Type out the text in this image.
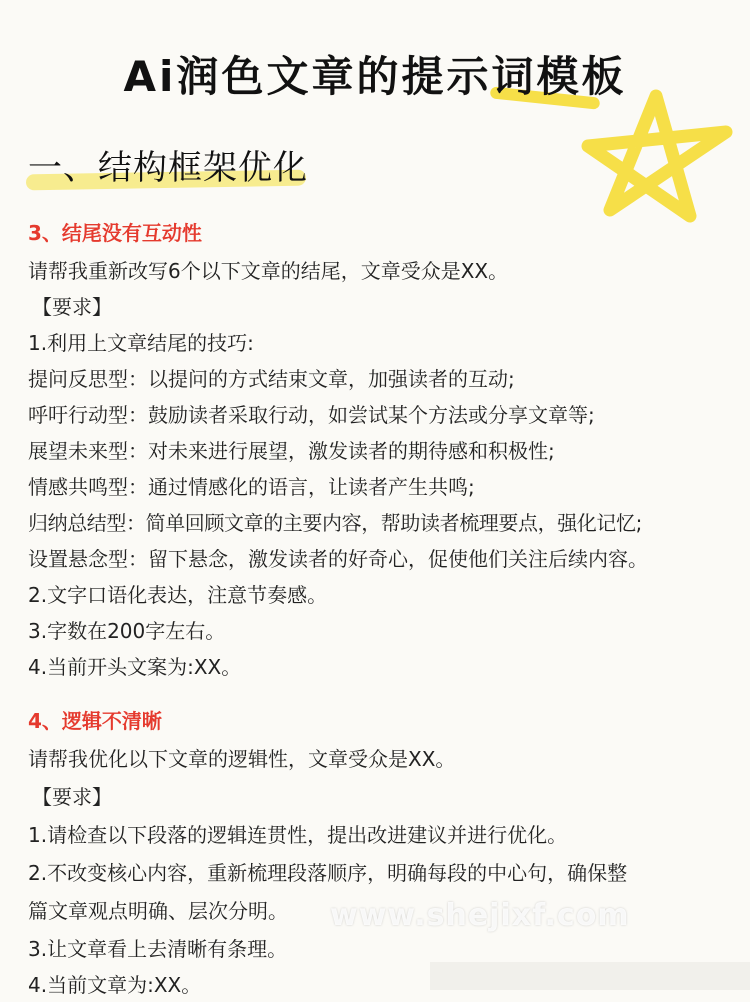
Ai润色文章的提示词模板
一、结构框架优化
3、结尾没有互动性
请帮我重新改写6个以下文章的结尾，文章受众是XX。
【要求】
1.利用上文章结尾的技巧:
提问反思型：以提问的方式结束文章，加强读者的互动;
呼吁行动型：鼓励读者采取行动，如尝试某个方法或分享文章等;
展望未来型：对未来进行展望，激发读者的期待感和积极性;
情感共鸣型：通过情感化的语言，让读者产生共鸣;
归纳总结型：简单回顾文章的主要内容，帮助读者梳理要点，强化记忆;
设置悬念型：留下悬念，激发读者的好奇心，促使他们关注后续内容。
2.文字口语化表达，注意节奏感。
3.字数在200字左右。
4.当前开头文案为:XX。
4、逻辑不清晰
请帮我优化以下文章的逻辑性，文章受众是XX。
【要求】
1.请检查以下段落的逻辑连贯性，提出改进建议并进行优化。
2.不改变核心内容，重新梳理段落顺序，明确每段的中心句，确保整
篇文章观点明确、层次分明。
3.让文章看上去清晰有条理。
4.当前文章为:XX。
www.shejixf.com
